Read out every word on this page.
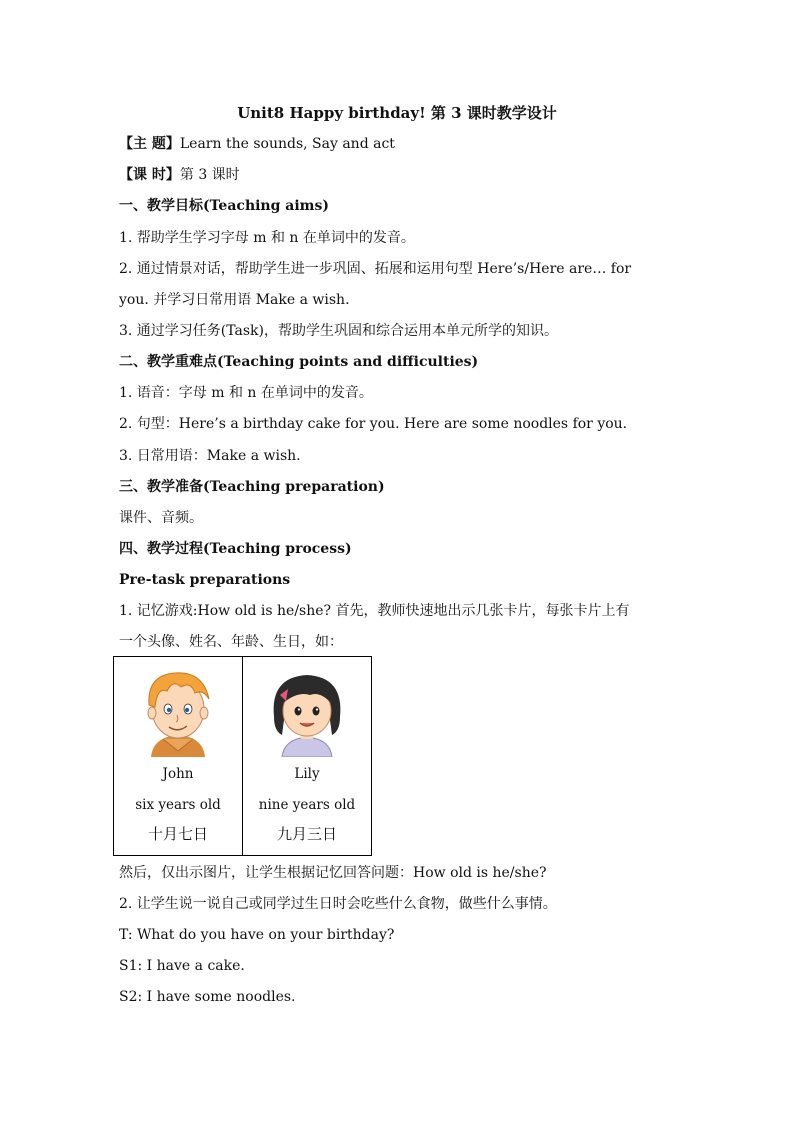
Unit8 Happy birthday! 第 3 课时教学设计
【主 题】Learn the sounds, Say and act
【课 时】第 3 课时
一、教学目标(Teaching aims)
1. 帮助学生学习字母 m 和 n 在单词中的发音。
2. 通过情景对话，帮助学生进一步巩固、拓展和运用句型 Here’s/Here are… for
you. 并学习日常用语 Make a wish.
3. 通过学习任务(Task)，帮助学生巩固和综合运用本单元所学的知识。
二、教学重难点(Teaching points and difficulties)
1. 语音：字母 m 和 n 在单词中的发音。
2. 句型：Here’s a birthday cake for you. Here are some noodles for you.
3. 日常用语：Make a wish.
三、教学准备(Teaching preparation)
课件、音频。
四、教学过程(Teaching process)
Pre-task preparations
1. 记忆游戏:How old is he/she? 首先，教师快速地出示几张卡片，每张卡片上有
一个头像、姓名、年龄、生日，如：
John
six years old
十月七日

Lily
nine years old
九月三日
然后，仅出示图片，让学生根据记忆回答问题：How old is he/she?
2. 让学生说一说自己或同学过生日时会吃些什么食物，做些什么事情。
T: What do you have on your birthday?
S1: I have a cake.
S2: I have some noodles.
